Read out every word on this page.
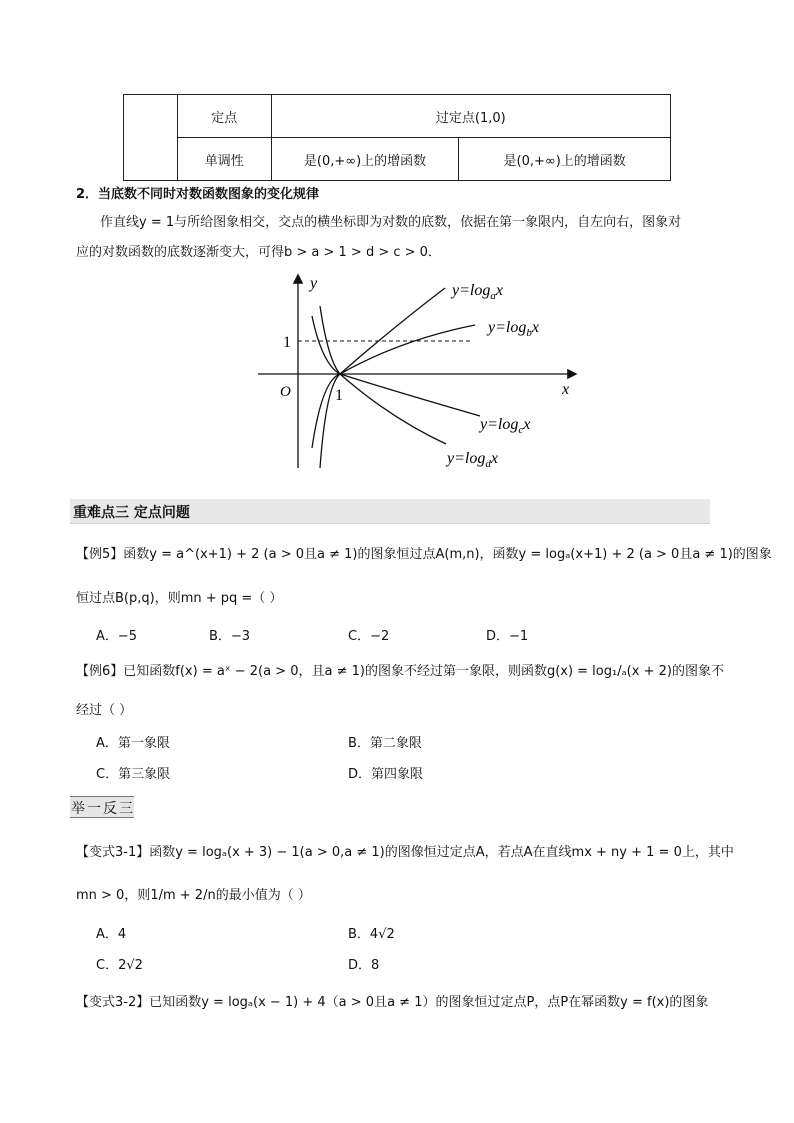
	定点	过定点(1,0)	
	单调性	是(0,+∞)上的增函数	是(0,+∞)上的增函数
2．当底数不同时对数函数图象的变化规律
作直线y = 1与所给图象相交，交点的横坐标即为对数的底数，依据在第一象限内，自左向右，图象对
应的对数函数的底数逐渐变大，可得b > a > 1 > d > c > 0．
y
x
O	1
1
$y=\log_ax$
$y=\log_bx$
$y=\log_cx$
$y=\log_dx$
重难点三 定点问题
【例5】函数y = a^(x+1) + 2 (a > 0且a ≠ 1)的图象恒过点A(m,n)，函数y = logₐ(x+1) + 2 (a > 0且a ≠ 1)的图象
恒过点B(p,q)，则mn + pq =（ ）
A．−5	B．−3	C．−2	D．−1
【例6】已知函数f(x) = aˣ − 2(a > 0，且a ≠ 1)的图象不经过第一象限，则函数g(x) = log₁/ₐ(x + 2)的图象不
经过（ ）
A．第一象限	B．第二象限
C．第三象限	D．第四象限
举 一 反 三
【变式3-1】函数y = logₐ(x + 3) − 1(a > 0,a ≠ 1)的图像恒过定点A，若点A在直线mx + ny + 1 = 0上，其中
mn > 0，则1/m + 2/n的最小值为（ ）
A．4	B．4√2
C．2√2	D．8
【变式3-2】已知函数y = logₐ(x − 1) + 4（a > 0且a ≠ 1）的图象恒过定点P，点P在幂函数y = f(x)的图象
